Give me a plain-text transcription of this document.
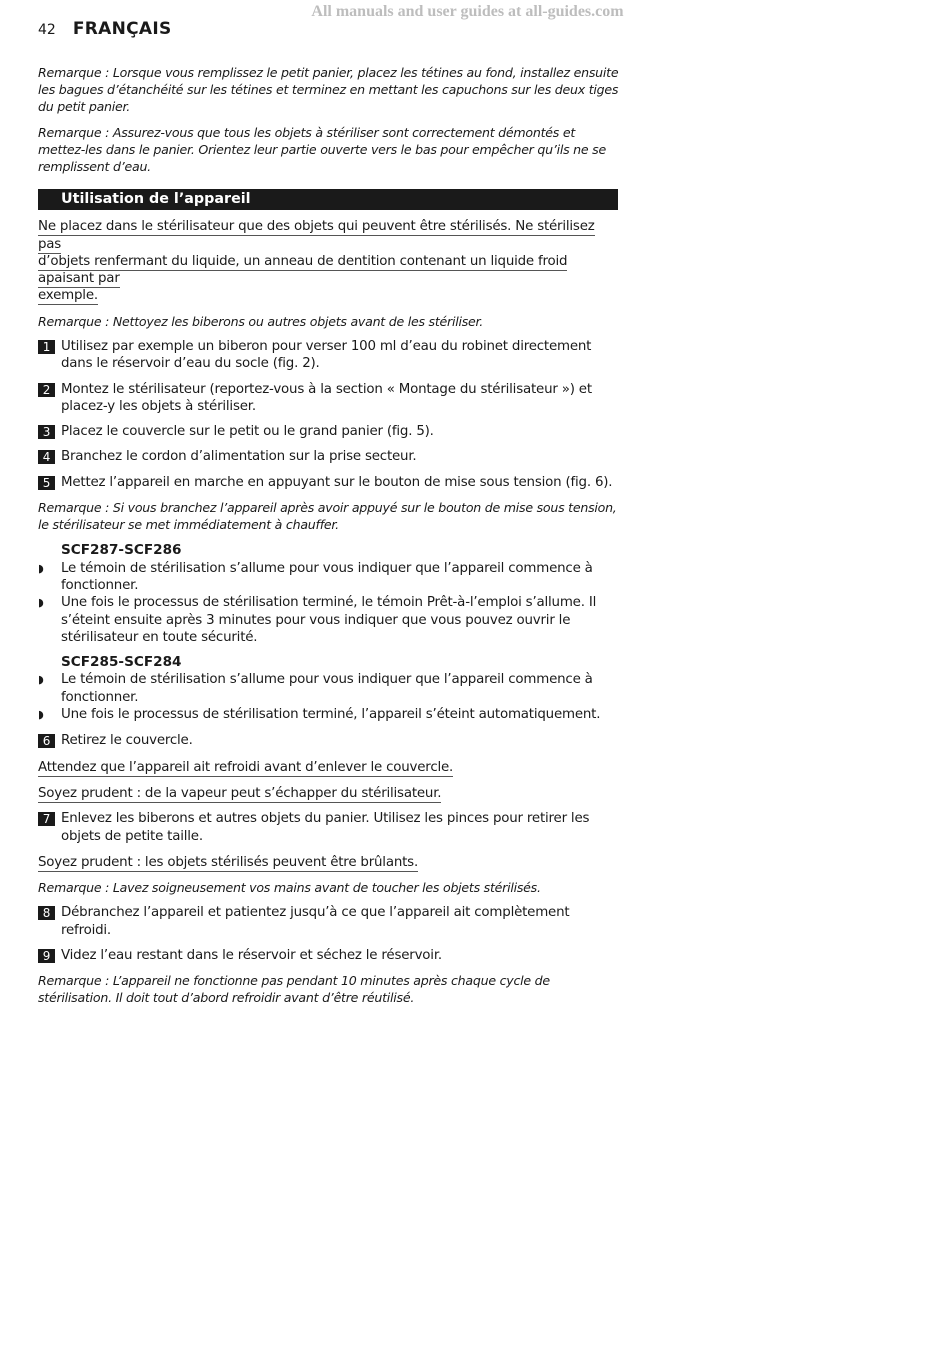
All manuals and user guides at all-guides.com
42 FRANÇAIS

Remarque : Lorsque vous remplissez le petit panier, placez les tétines au fond, installez ensuite les bagues d’étanchéité sur les tétines et terminez en mettant les capuchons sur les deux tiges du petit panier.

Remarque : Assurez-vous que tous les objets à stériliser sont correctement démontés et mettez-les dans le panier. Orientez leur partie ouverte vers le bas pour empêcher qu’ils ne se remplissent d’eau.

Utilisation de l’appareil
Ne placez dans le stérilisateur que des objets qui peuvent être stérilisés. Ne stérilisez pas
d’objets renfermant du liquide, un anneau de dentition contenant un liquide froid apaisant par
exemple.

Remarque : Nettoyez les biberons ou autres objets avant de les stériliser.

1 Utilisez par exemple un biberon pour verser 100 ml d’eau du robinet directement dans le réservoir d’eau du socle (fig. 2).
2 Montez le stérilisateur (reportez-vous à la section « Montage du stérilisateur ») et placez-y les objets à stériliser.
3 Placez le couvercle sur le petit ou le grand panier (fig. 5).
4 Branchez le cordon d’alimentation sur la prise secteur.
5 Mettez l’appareil en marche en appuyant sur le bouton de mise sous tension (fig. 6).

Remarque : Si vous branchez l’appareil après avoir appuyé sur le bouton de mise sous tension, le stérilisateur se met immédiatement à chauffer.

SCF287-SCF286
◗	Le témoin de stérilisation s’allume pour vous indiquer que l’appareil commence à fonctionner.
◗	Une fois le processus de stérilisation terminé, le témoin Prêt-à-l’emploi s’allume. Il s’éteint ensuite après 3 minutes pour vous indiquer que vous pouvez ouvrir le stérilisateur en toute sécurité.
SCF285-SCF284
◗	Le témoin de stérilisation s’allume pour vous indiquer que l’appareil commence à fonctionner.
◗	Une fois le processus de stérilisation terminé, l’appareil s’éteint automatiquement.
6 Retirez le couvercle.
Attendez que l’appareil ait refroidi avant d’enlever le couvercle.
Soyez prudent : de la vapeur peut s’échapper du stérilisateur.
7 Enlevez les biberons et autres objets du panier. Utilisez les pinces pour retirer les objets de petite taille.
Soyez prudent : les objets stérilisés peuvent être brûlants.

Remarque : Lavez soigneusement vos mains avant de toucher les objets stérilisés.

8 Débranchez l’appareil et patientez jusqu’à ce que l’appareil ait complètement refroidi.
9 Videz l’eau restant dans le réservoir et séchez le réservoir.

Remarque : L’appareil ne fonctionne pas pendant 10 minutes après chaque cycle de stérilisation. Il doit tout d’abord refroidir avant d’être réutilisé.
